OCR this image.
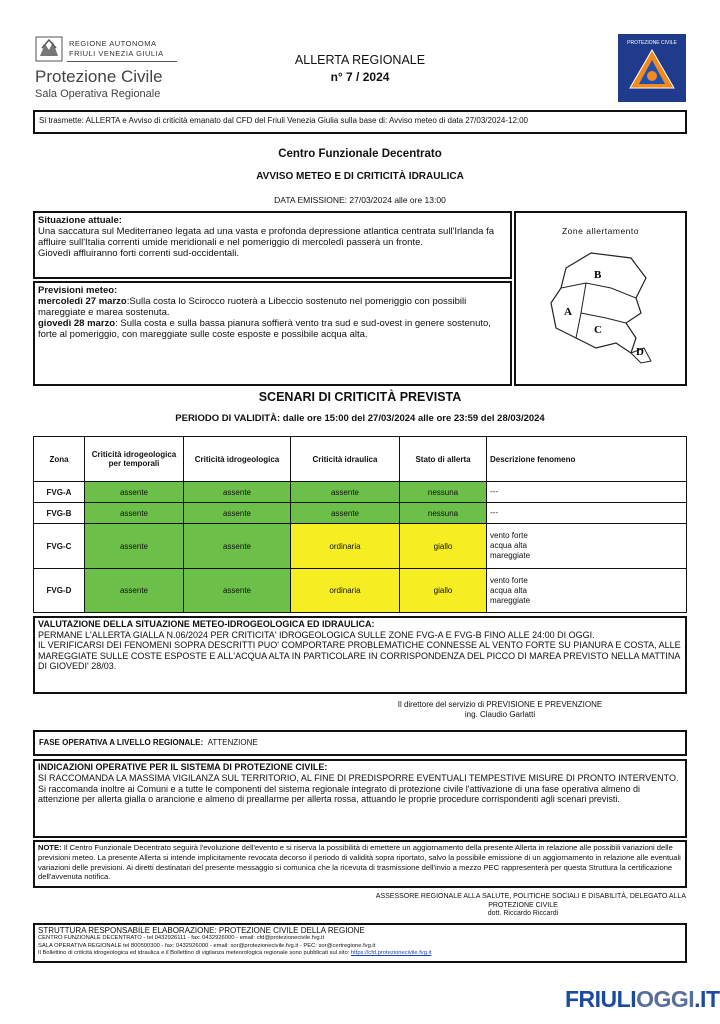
REGIONE AUTONOMA
FRIULI VENEZIA GIULIA
Protezione Civile
Sala Operativa Regionale
ALLERTA REGIONALE
n° 7 / 2024
PROTEZIONE CIVILE
Si trasmette: ALLERTA e Avviso di criticità emanato dal CFD del Friuli Venezia Giulia sulla base di: Avviso meteo di data 27/03/2024-12:00
Centro Funzionale Decentrato
AVVISO METEO E DI CRITICITÀ IDRAULICA
DATA EMISSIONE: 27/03/2024 alle ore 13:00
Situazione attuale:
Una saccatura sul Mediterraneo legata ad una vasta e profonda depressione atlantica centrata sull'Irlanda fa affluire sull'Italia correnti umide meridionali e nel pomeriggio di mercoledì passerà un fronte.
Giovedì affluiranno forti correnti sud-occidentali.
Previsioni meteo:
mercoledì 27 marzo:Sulla costa lo Scirocco ruoterà a Libeccio sostenuto nel pomeriggio con possibili mareggiate e marea sostenuta.
giovedì 28 marzo: Sulla costa e sulla bassa pianura soffierà vento tra sud e sud-ovest in genere sostenuto, forte al pomeriggio, con mareggiate sulle coste esposte e possibile acqua alta.
Zone allertamento
B
A
C
D
SCENARI DI CRITICITÀ PREVISTA
PERIODO DI VALIDITÀ: dalle ore 15:00 del 27/03/2024 alle ore 23:59 del 28/03/2024
Zona	Criticità idrogeologica per temporali	Criticità idrogeologica	Criticità idraulica	Stato di allerta	Descrizione fenomeno
FVG-A	assente	assente	assente	nessuna	---
FVG-B	assente	assente	assente	nessuna	---
FVG-C	assente	assente	ordinaria	giallo	vento forte
acqua alta
mareggiate

FVG-D	assente	assente	ordinaria	giallo	vento forte
acqua alta
mareggiate
VALUTAZIONE DELLA SITUAZIONE METEO-IDROGEOLOGICA ED IDRAULICA:
PERMANE L'ALLERTA GIALLA N.06/2024 PER CRITICITA' IDROGEOLOGICA SULLE ZONE FVG-A E FVG-B FINO ALLE 24:00 DI OGGI.
IL VERIFICARSI DEI FENOMENI SOPRA DESCRITTI PUO' COMPORTARE PROBLEMATICHE CONNESSE AL VENTO FORTE SU PIANURA E COSTA, ALLE MAREGGIATE SULLE COSTE ESPOSTE E ALL'ACQUA ALTA IN PARTICOLARE IN CORRISPONDENZA DEL PICCO DI MAREA PREVISTO NELLA MATTINA DI GIOVEDI' 28/03.
Il direttore del servizio di PREVISIONE E PREVENZIONE
ing. Claudio Garlatti
FASE OPERATIVA A LIVELLO REGIONALE: ATTENZIONE
INDICAZIONI OPERATIVE PER IL SISTEMA DI PROTEZIONE CIVILE:
SI RACCOMANDA LA MASSIMA VIGILANZA SUL TERRITORIO, AL FINE DI PREDISPORRE EVENTUALI TEMPESTIVE MISURE DI PRONTO INTERVENTO.
Si raccomanda inoltre ai Comuni e a tutte le componenti del sistema regionale integrato di protezione civile l'attivazione di una fase operativa almeno di attenzione per allerta gialla o arancione e almeno di preallarme per allerta rossa, attuando le proprie procedure corrispondenti agli scenari previsti.
NOTE: Il Centro Funzionale Decentrato seguirà l'evoluzione dell'evento e si riserva la possibilità di emettere un aggiornamento della presente Allerta in relazione alle possibili variazioni delle previsioni meteo. La presente Allerta si intende implicitamente revocata decorso il periodo di validità sopra riportato, salvo la possibile emissione di un aggiornamento in relazione alle eventuali variazioni delle previsioni. Ai diretti destinatari del presente messaggio si comunica che la ricevuta di trasmissione dell'invio a mezzo PEC rappresenterà per questa Struttura la certificazione dell'avvenuta notifica.
ASSESSORE REGIONALE ALLA SALUTE, POLITICHE SOCIALI E DISABILITÀ, DELEGATO ALLA
PROTEZIONE CIVILE
dott. Riccardo Riccardi
STRUTTURA RESPONSABILE ELABORAZIONE: PROTEZIONE CIVILE DELLA REGIONE
CENTRO FUNZIONALE DECENTRATO - tel 0432926111 - fax: 0432926000 - email: cfd@protezionecivile.fvg.it
SALA OPERATIVA REGIONALE tel 800500300 - fax: 0432926000 - email: sor@protezionecivile.fvg.it - PEC: sor@certregione.fvg.it
Il Bollettino di criticità idrogeologica ed idraulica e il Bollettino di vigilanza meteorologica regionale sono pubblicati sul sito: https://cfd.protezionecivile.fvg.it
FRIULIOGGI.IT
